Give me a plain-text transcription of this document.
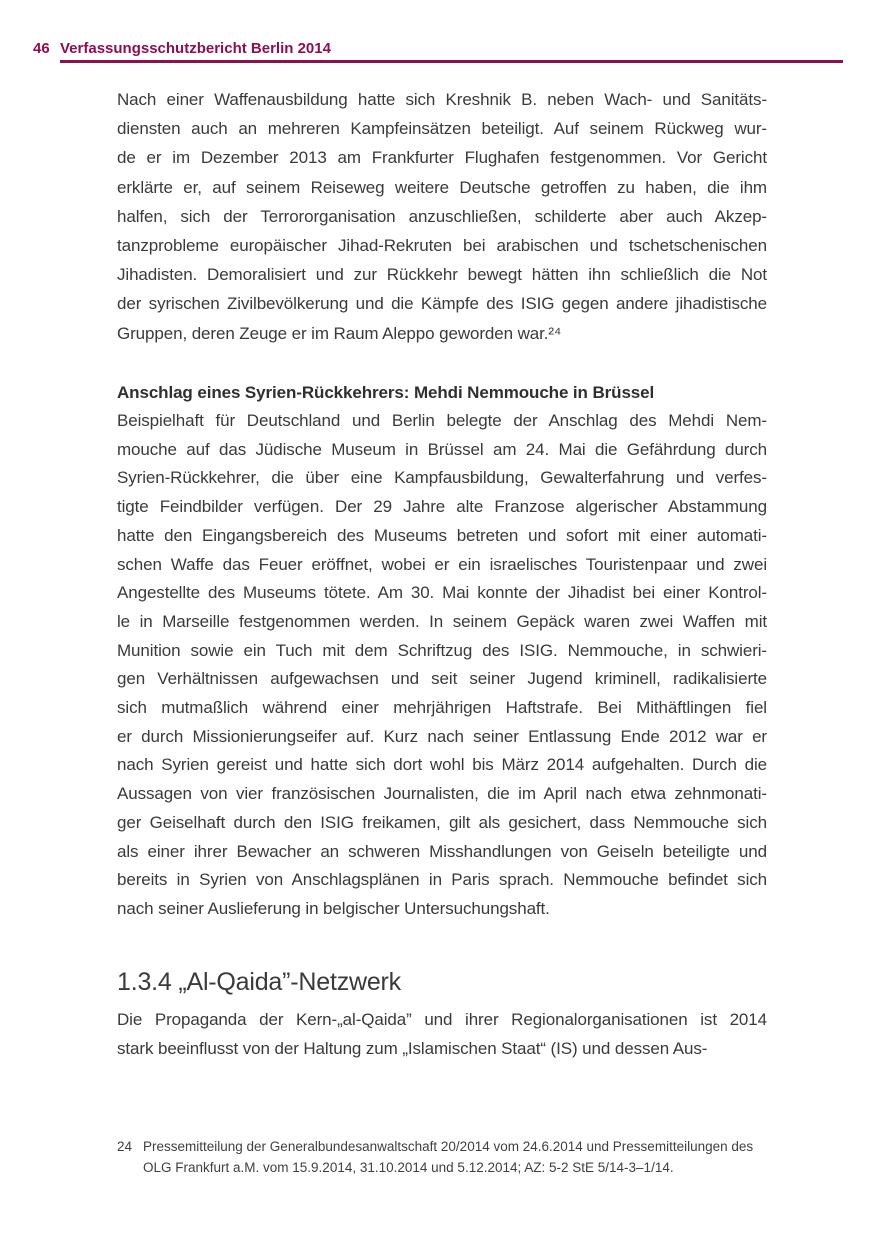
46 Verfassungsschutzbericht Berlin 2014
Nach einer Waffenausbildung hatte sich Kreshnik B. neben Wach- und Sanitäts-
diensten auch an mehreren Kampfeinsätzen beteiligt. Auf seinem Rückweg wur-
de er im Dezember 2013 am Frankfurter Flughafen festgenommen. Vor Gericht
erklärte er, auf seinem Reiseweg weitere Deutsche getroffen zu haben, die ihm
halfen, sich der Terrororganisation anzuschließen, schilderte aber auch Akzep-
tanzprobleme europäischer Jihad-Rekruten bei arabischen und tschetschenischen
Jihadisten. Demoralisiert und zur Rückkehr bewegt hätten ihn schließlich die Not
der syrischen Zivilbevölkerung und die Kämpfe des ISIG gegen andere jihadistische
Gruppen, deren Zeuge er im Raum Aleppo geworden war.²⁴
Anschlag eines Syrien-Rückkehrers: Mehdi Nemmouche in Brüssel
Beispielhaft für Deutschland und Berlin belegte der Anschlag des Mehdi Nem-
mouche auf das Jüdische Museum in Brüssel am 24. Mai die Gefährdung durch
Syrien-Rückkehrer, die über eine Kampfausbildung, Gewalterfahrung und verfes-
tigte Feindbilder verfügen. Der 29 Jahre alte Franzose algerischer Abstammung
hatte den Eingangsbereich des Museums betreten und sofort mit einer automati-
schen Waffe das Feuer eröffnet, wobei er ein israelisches Touristenpaar und zwei
Angestellte des Museums tötete. Am 30. Mai konnte der Jihadist bei einer Kontrol-
le in Marseille festgenommen werden. In seinem Gepäck waren zwei Waffen mit
Munition sowie ein Tuch mit dem Schriftzug des ISIG. Nemmouche, in schwieri-
gen Verhältnissen aufgewachsen und seit seiner Jugend kriminell, radikalisierte
sich mutmaßlich während einer mehrjährigen Haftstrafe. Bei Mithäftlingen fiel
er durch Missionierungseifer auf. Kurz nach seiner Entlassung Ende 2012 war er
nach Syrien gereist und hatte sich dort wohl bis März 2014 aufgehalten. Durch die
Aussagen von vier französischen Journalisten, die im April nach etwa zehnmonati-
ger Geiselhaft durch den ISIG freikamen, gilt als gesichert, dass Nemmouche sich
als einer ihrer Bewacher an schweren Misshandlungen von Geiseln beteiligte und
bereits in Syrien von Anschlagsplänen in Paris sprach. Nemmouche befindet sich
nach seiner Auslieferung in belgischer Untersuchungshaft.
1.3.4 „Al-Qaida”-Netzwerk
Die Propaganda der Kern-„al-Qaida” und ihrer Regionalorganisationen ist 2014
stark beeinflusst von der Haltung zum „Islamischen Staat“ (IS) und dessen Aus-
24 Pressemitteilung der Generalbundesanwaltschaft 20/2014 vom 24.6.2014 und Pressemitteilungen des
OLG Frankfurt a.M. vom 15.9.2014, 31.10.2014 und 5.12.2014; AZ: 5-2 StE 5/14-3–1/14.
